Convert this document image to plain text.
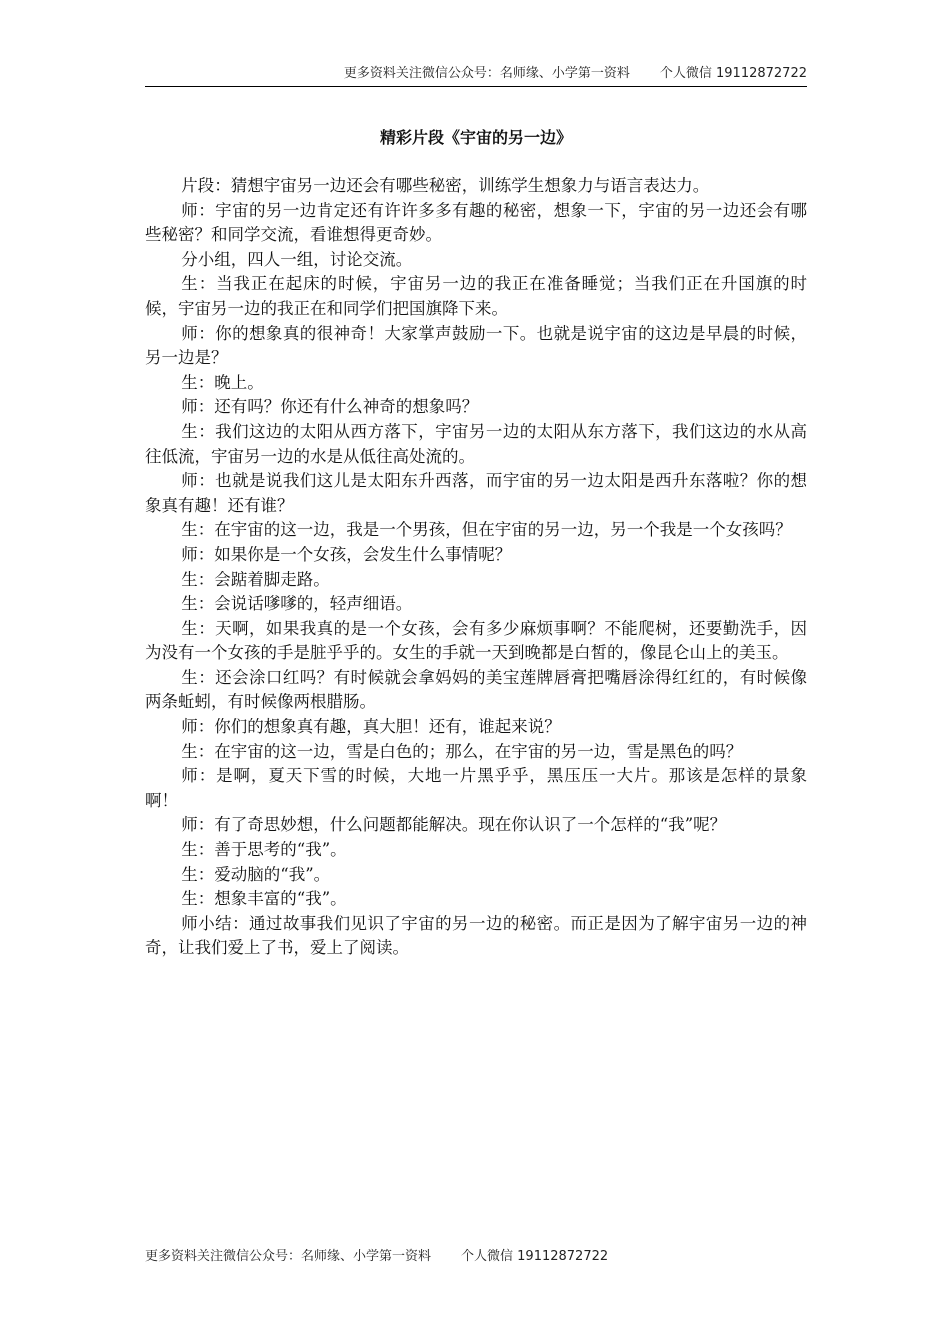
更多资料关注微信公众号：名师缘、小学第一资料 个人微信 19112872722
精彩片段《宇宙的另一边》

片段：猜想宇宙另一边还会有哪些秘密，训练学生想象力与语言表达力。

师：宇宙的另一边肯定还有许许多多有趣的秘密，想象一下，宇宙的另一边还会有哪些秘密？和同学交流，看谁想得更奇妙。

分小组，四人一组，讨论交流。

生：当我正在起床的时候，宇宙另一边的我正在准备睡觉；当我们正在升国旗的时候，宇宙另一边的我正在和同学们把国旗降下来。

师：你的想象真的很神奇！大家掌声鼓励一下。也就是说宇宙的这边是早晨的时候，另一边是？

生：晚上。

师：还有吗？你还有什么神奇的想象吗？

生：我们这边的太阳从西方落下，宇宙另一边的太阳从东方落下，我们这边的水从高往低流，宇宙另一边的水是从低往高处流的。

师：也就是说我们这儿是太阳东升西落，而宇宙的另一边太阳是西升东落啦？你的想象真有趣！还有谁？

生：在宇宙的这一边，我是一个男孩，但在宇宙的另一边，另一个我是一个女孩吗？

师：如果你是一个女孩，会发生什么事情呢？

生：会踮着脚走路。

生：会说话嗲嗲的，轻声细语。

生：天啊，如果我真的是一个女孩，会有多少麻烦事啊？不能爬树，还要勤洗手，因为没有一个女孩的手是脏乎乎的。女生的手就一天到晚都是白皙的，像昆仑山上的美玉。

生：还会涂口红吗？有时候就会拿妈妈的美宝莲牌唇膏把嘴唇涂得红红的，有时候像两条蚯蚓，有时候像两根腊肠。

师：你们的想象真有趣，真大胆！还有，谁起来说？

生：在宇宙的这一边，雪是白色的；那么，在宇宙的另一边，雪是黑色的吗？

师：是啊，夏天下雪的时候，大地一片黑乎乎，黑压压一大片。那该是怎样的景象啊！

师：有了奇思妙想，什么问题都能解决。现在你认识了一个怎样的“我”呢？

生：善于思考的“我”。

生：爱动脑的“我”。

生：想象丰富的“我”。

师小结：通过故事我们见识了宇宙的另一边的秘密。而正是因为了解宇宙另一边的神奇，让我们爱上了书，爱上了阅读。

更多资料关注微信公众号：名师缘、小学第一资料 个人微信 19112872722
